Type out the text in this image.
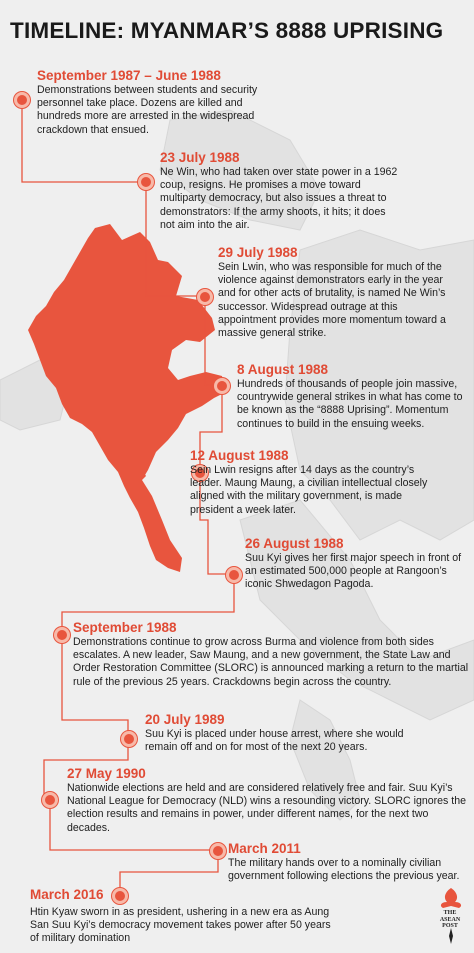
TIMELINE: MYANMAR’S 8888 UPRISING
September 1987 – June 1988
Demonstrations between students and security personnel take place. Dozens are killed and hundreds more are arrested in the widespread crackdown that ensued.
23 July 1988
Ne Win, who had taken over state power in a 1962 coup, resigns. He promises a move toward multiparty democracy, but also issues a threat to demonstrators: If the army shoots, it hits; it does not aim into the air.
29 July 1988
Sein Lwin, who was responsible for much of the violence against demonstrators early in the year and for other acts of brutality, is named Ne Win’s successor. Widespread outrage at this appointment provides more momentum toward a massive general strike.
8 August 1988
Hundreds of thousands of people join massive, countrywide general strikes in what has come to be known as the “8888 Uprising”. Momentum continues to build in the ensuing weeks.
12 August 1988
Sein Lwin resigns after 14 days as the country’s leader. Maung Maung, a civilian intellectual closely aligned with the military government, is made president a week later.
26 August 1988
Suu Kyi gives her first major speech in front of an estimated 500,000 people at Rangoon’s iconic Shwedagon Pagoda.
September 1988
Demonstrations continue to grow across Burma and violence from both sides escalates. A new leader, Saw Maung, and a new government, the State Law and Order Restoration Committee (SLORC) is announced marking a return to the martial rule of the previous 25 years. Crackdowns begin across the country.
20 July 1989
Suu Kyi is placed under house arrest, where she would remain off and on for most of the next 20 years.
27 May 1990
Nationwide elections are held and are considered relatively free and fair. Suu Kyi’s National League for Democracy (NLD) wins a resounding victory. SLORC ignores the election results and remains in power, under different names, for the next two decades.
March 2011
The military hands over to a nominally civilian government following elections the previous year.
March 2016
Htin Kyaw sworn in as president, ushering in a new era as Aung San Suu Kyi’s democracy movement takes power after 50 years of military domination
THE
ASEAN
POST
